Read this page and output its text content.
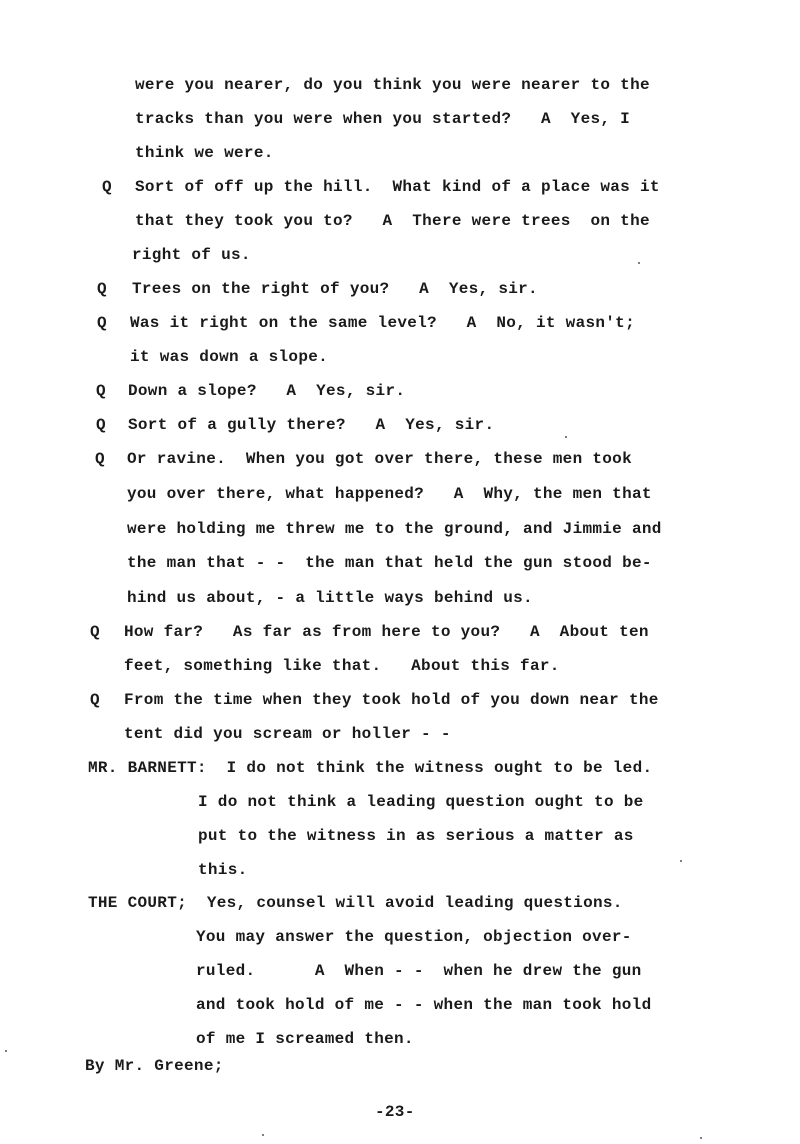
were you nearer, do you think you were nearer to the
tracks than you were when you started?   A  Yes, I
think we were.
Q Sort of off up the hill.  What kind of a place was it
that they took you to?   A  There were trees  on the
right of us.
Q Trees on the right of you?   A  Yes, sir.
Q Was it right on the same level?   A  No, it wasn't;
it was down a slope.
Q Down a slope?   A  Yes, sir.
Q Sort of a gully there?   A  Yes, sir.
Q Or ravine.  When you got over there, these men took
you over there, what happened?   A  Why, the men that
were holding me threw me to the ground, and Jimmie and
the man that - -  the man that held the gun stood be-
hind us about, - a little ways behind us.
Q How far?   As far as from here to you?   A  About ten
feet, something like that.   About this far.
Q From the time when they took hold of you down near the
tent did you scream or holler - -
MR. BARNETT:  I do not think the witness ought to be led.
I do not think a leading question ought to be
put to the witness in as serious a matter as
this.
THE COURT;  Yes, counsel will avoid leading questions.
You may answer the question, objection over-
ruled.      A  When - -  when he drew the gun
and took hold of me - - when the man took hold
of me I screamed then.
By Mr. Greene;
-23-
